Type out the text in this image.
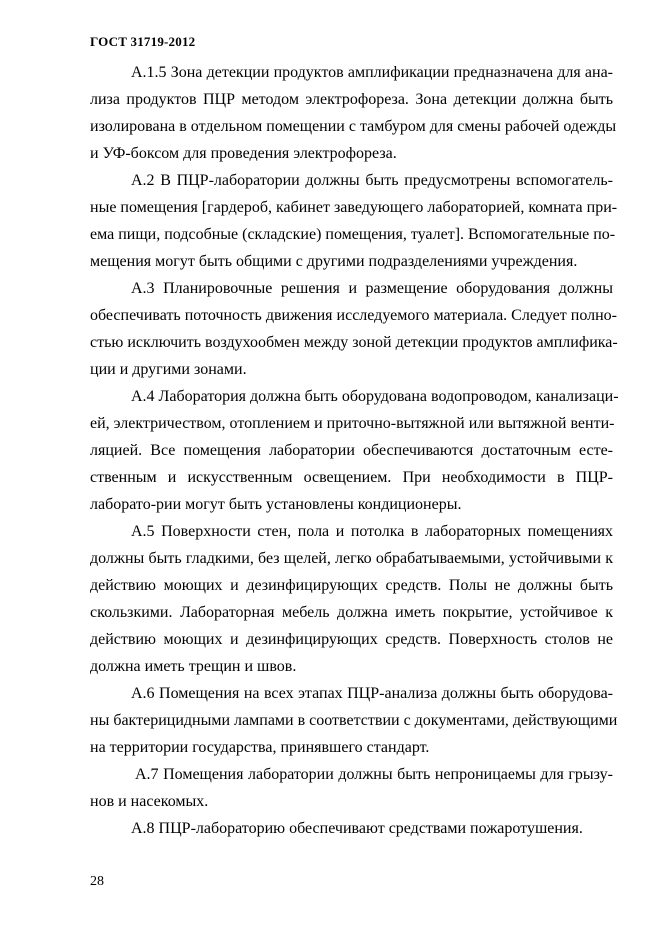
ГОСТ 31719-2012
А.1.5 Зона детекции продуктов амплификации предназначена для ана-
лиза продуктов ПЦР методом электрофореза. Зона детекции должна быть
изолирована в отдельном помещении с тамбуром для смены рабочей одежды
и УФ-боксом для проведения электрофореза.
А.2 В ПЦР-лаборатории должны быть предусмотрены вспомогатель-
ные помещения [гардероб, кабинет заведующего лабораторией, комната при-
ема пищи, подсобные (складские) помещения, туалет]. Вспомогательные по-
мещения могут быть общими с другими подразделениями учреждения.
А.3 Планировочные решения и размещение оборудования должны
обеспечивать поточность движения исследуемого материала. Следует полно-
стью исключить воздухообмен между зоной детекции продуктов амплифика-
ции и другими зонами.
А.4 Лаборатория должна быть оборудована водопроводом, канализаци-
ей, электричеством, отоплением и приточно-вытяжной или вытяжной венти-
ляцией. Все помещения лаборатории обеспечиваются достаточным есте-
ственным и искусственным освещением. При необходимости в ПЦР-
лаборато-рии могут быть установлены кондиционеры.
А.5 Поверхности стен, пола и потолка в лабораторных помещениях
должны быть гладкими, без щелей, легко обрабатываемыми, устойчивыми к
действию моющих и дезинфицирующих средств. Полы не должны быть
скользкими. Лабораторная мебель должна иметь покрытие, устойчивое к
действию моющих и дезинфицирующих средств. Поверхность столов не
должна иметь трещин и швов.
А.6 Помещения на всех этапах ПЦР-анализа должны быть оборудова-
ны бактерицидными лампами в соответствии с документами, действующими
на территории государства, принявшего стандарт.
А.7 Помещения лаборатории должны быть непроницаемы для грызу-
нов и насекомых.
А.8 ПЦР-лабораторию обеспечивают средствами пожаротушения.
28
